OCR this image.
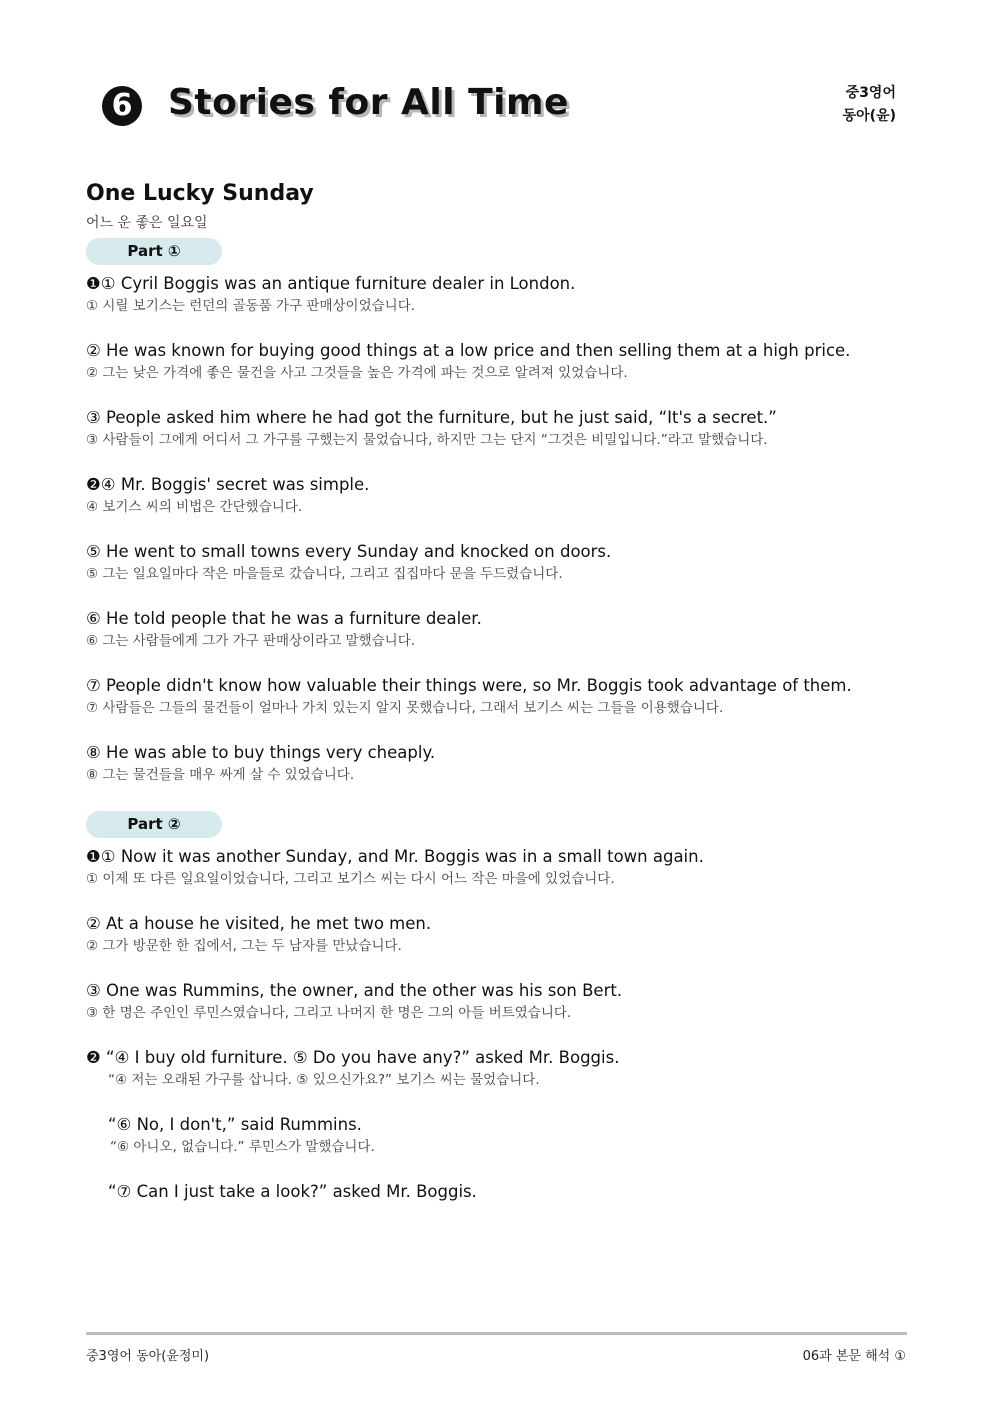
6 Stories for All Time	중3영어
동아(윤)
One Lucky Sunday
어느 운 좋은 일요일
Part ①
❶① Cyril Boggis was an antique furniture dealer in London.
① 시릴 보기스는 런던의 골동품 가구 판매상이었습니다.
② He was known for buying good things at a low price and then selling them at a high price.
② 그는 낮은 가격에 좋은 물건을 사고 그것들을 높은 가격에 파는 것으로 알려져 있었습니다.
③ People asked him where he had got the furniture, but he just said, “It's a secret.”
③ 사람들이 그에게 어디서 그 가구를 구했는지 물었습니다, 하지만 그는 단지 “그것은 비밀입니다.”라고 말했습니다.
❷④ Mr. Boggis' secret was simple.
④ 보기스 씨의 비법은 간단했습니다.
⑤ He went to small towns every Sunday and knocked on doors.
⑤ 그는 일요일마다 작은 마을들로 갔습니다, 그리고 집집마다 문을 두드렸습니다.
⑥ He told people that he was a furniture dealer.
⑥ 그는 사람들에게 그가 가구 판매상이라고 말했습니다.
⑦ People didn't know how valuable their things were, so Mr. Boggis took advantage of them.
⑦ 사람들은 그들의 물건들이 얼마나 가치 있는지 알지 못했습니다, 그래서 보기스 씨는 그들을 이용했습니다.
⑧ He was able to buy things very cheaply.
⑧ 그는 물건들을 매우 싸게 살 수 있었습니다.
Part ②
❶① Now it was another Sunday, and Mr. Boggis was in a small town again.
① 이제 또 다른 일요일이었습니다, 그리고 보기스 씨는 다시 어느 작은 마을에 있었습니다.
② At a house he visited, he met two men.
② 그가 방문한 한 집에서, 그는 두 남자를 만났습니다.
③ One was Rummins, the owner, and the other was his son Bert.
③ 한 명은 주인인 루민스였습니다, 그리고 나머지 한 명은 그의 아들 버트였습니다.
❷ “④ I buy old furniture. ⑤ Do you have any?” asked Mr. Boggis.
“④ 저는 오래된 가구를 삽니다. ⑤ 있으신가요?” 보기스 씨는 물었습니다.
“⑥ No, I don't,” said Rummins.
“⑥ 아니오, 없습니다.” 루민스가 말했습니다.
“⑦ Can I just take a look?” asked Mr. Boggis.
중3영어 동아(윤정미)	06과 본문 해석 ①
